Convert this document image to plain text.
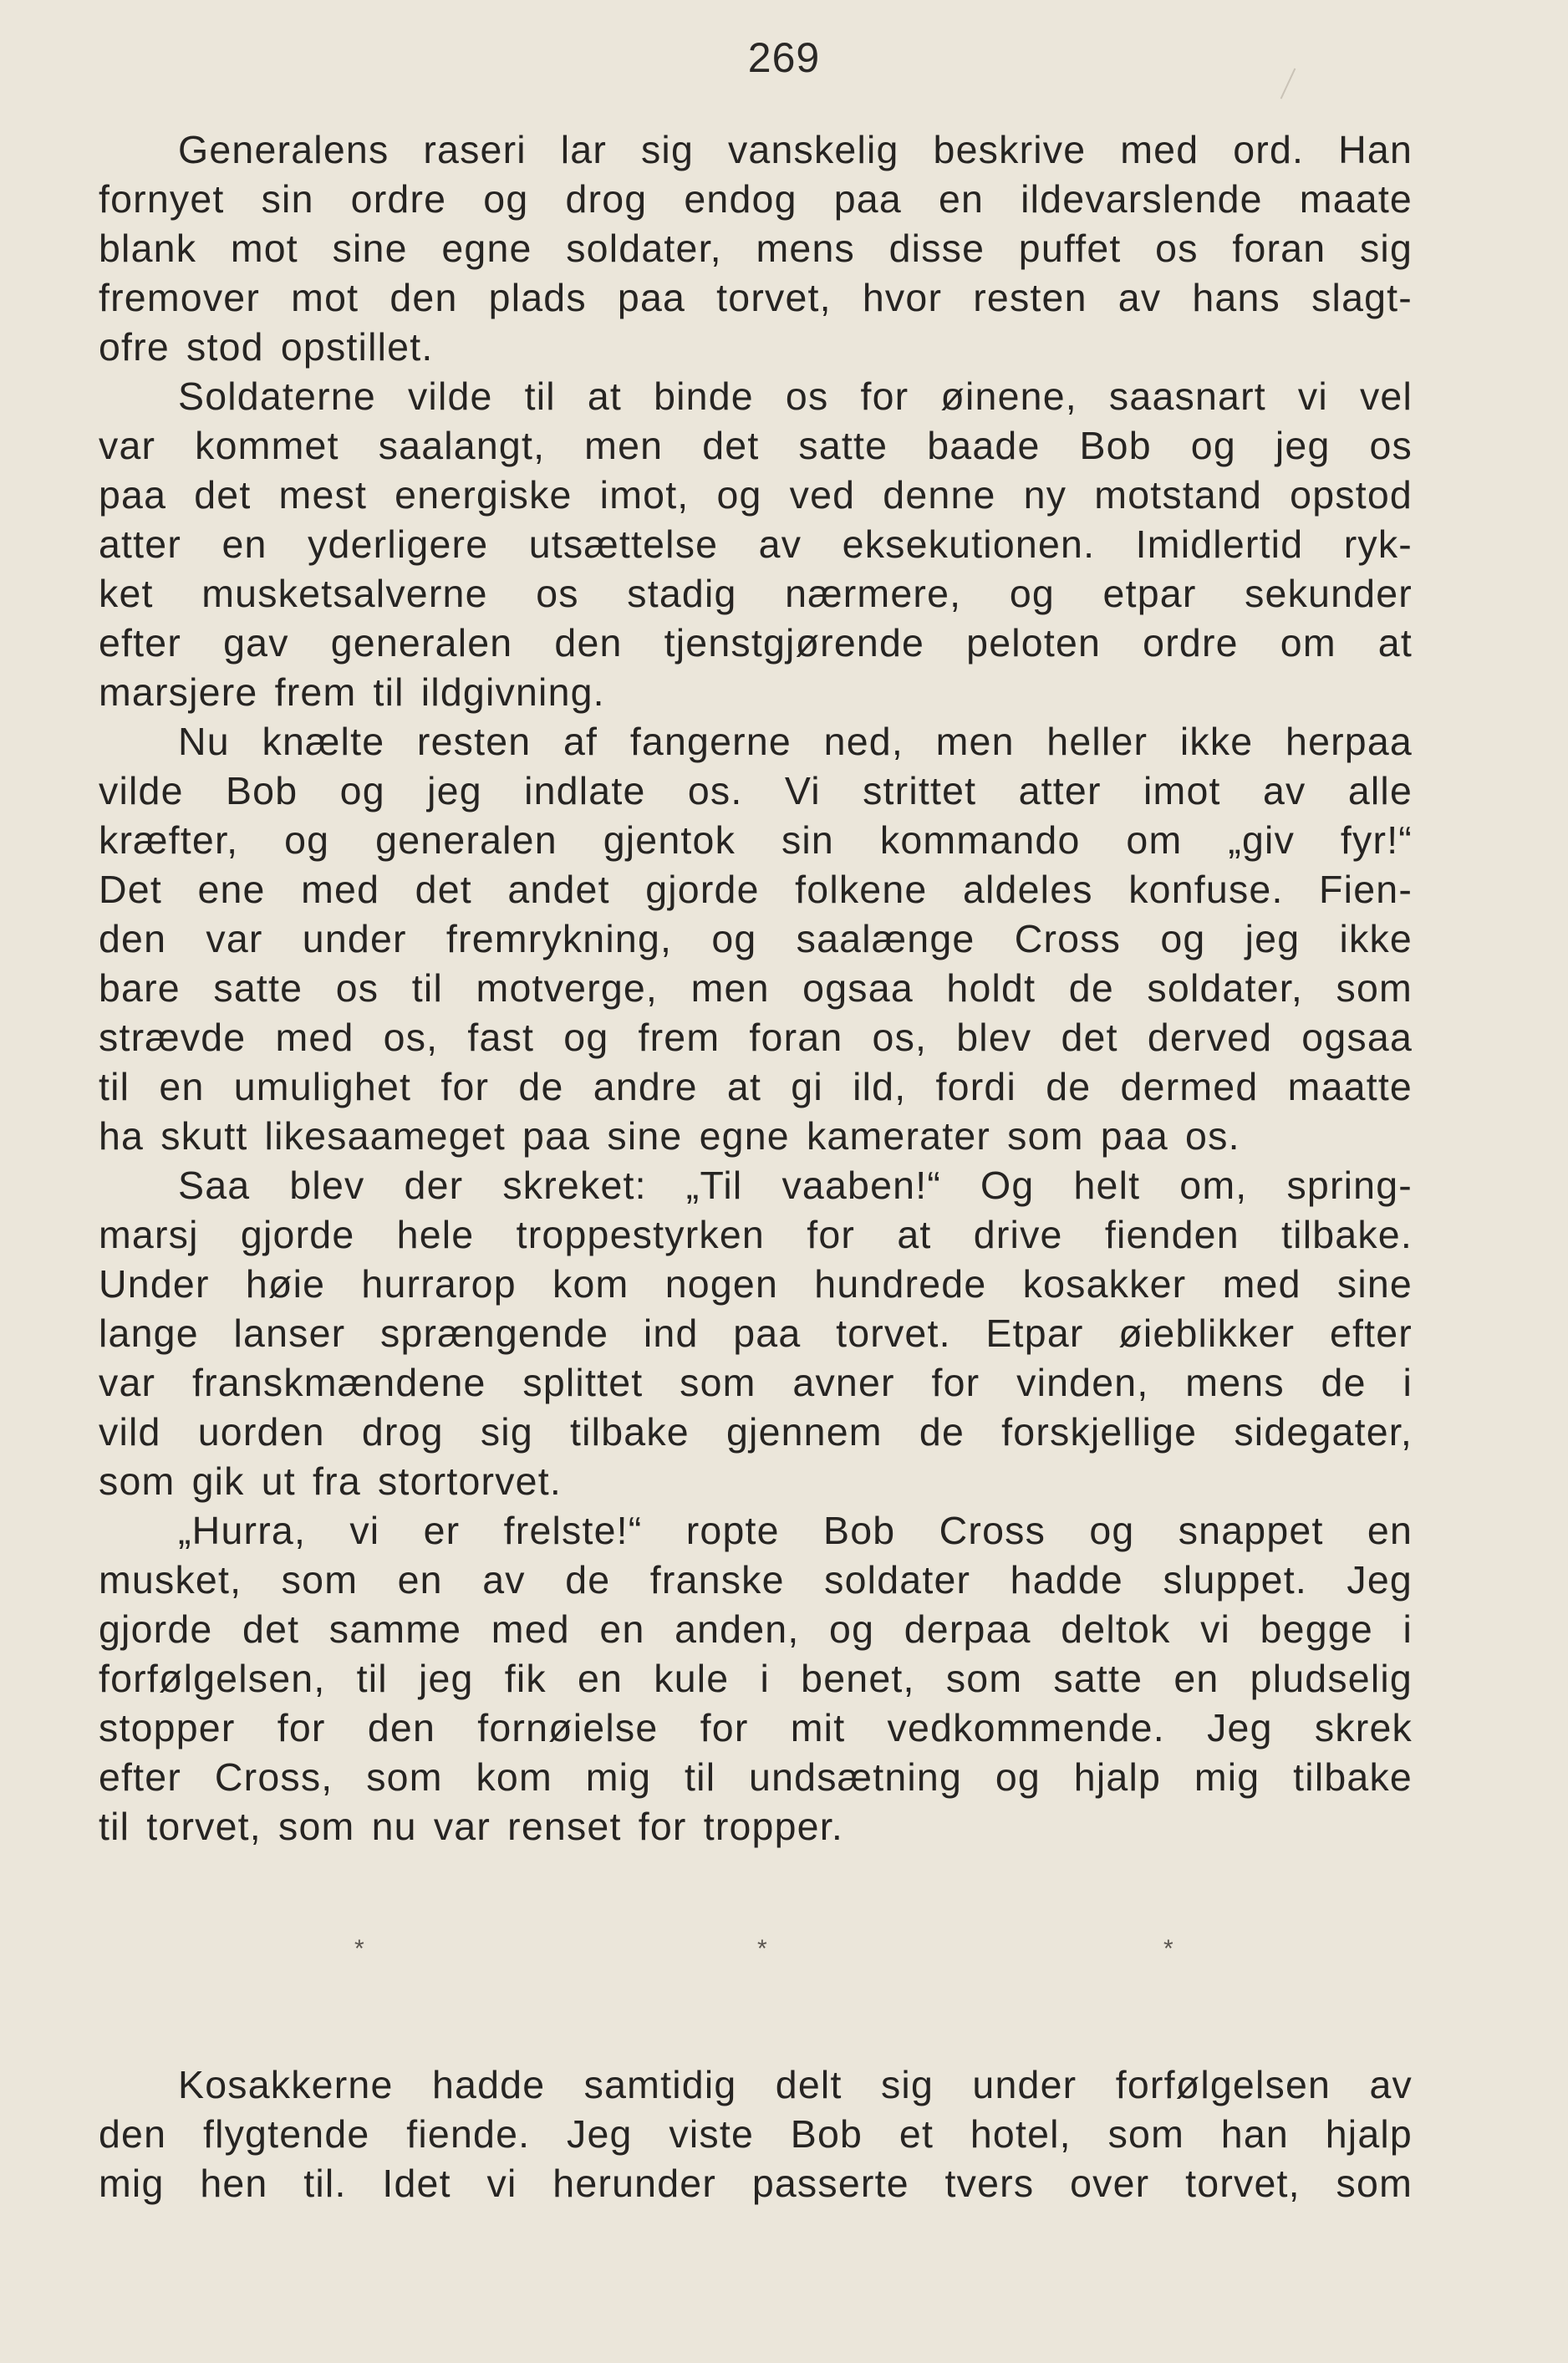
269
Generalens raseri lar sig vanskelig beskrive med ord. Han
fornyet sin ordre og drog endog paa en ildevarslende maate
blank mot sine egne soldater, mens disse puffet os foran sig
fremover mot den plads paa torvet, hvor resten av hans slagt-
ofre stod opstillet.
Soldaterne vilde til at binde os for øinene, saasnart vi vel
var kommet saalangt, men det satte baade Bob og jeg os
paa det mest energiske imot, og ved denne ny motstand opstod
atter en yderligere utsættelse av eksekutionen. Imidlertid ryk-
ket musketsalverne os stadig nærmere, og etpar sekunder
efter gav generalen den tjenstgjørende peloten ordre om at
marsjere frem til ildgivning.
Nu knælte resten af fangerne ned, men heller ikke herpaa
vilde Bob og jeg indlate os. Vi strittet atter imot av alle
kræfter, og generalen gjentok sin kommando om „giv fyr!“
Det ene med det andet gjorde folkene aldeles konfuse. Fien-
den var under fremrykning, og saalænge Cross og jeg ikke
bare satte os til motverge, men ogsaa holdt de soldater, som
strævde med os, fast og frem foran os, blev det derved ogsaa
til en umulighet for de andre at gi ild, fordi de dermed maatte
ha skutt likesaameget paa sine egne kamerater som paa os.
Saa blev der skreket: „Til vaaben!“ Og helt om, spring-
marsj gjorde hele troppestyrken for at drive fienden tilbake.
Under høie hurrarop kom nogen hundrede kosakker med sine
lange lanser sprængende ind paa torvet. Etpar øieblikker efter
var franskmændene splittet som avner for vinden, mens de i
vild uorden drog sig tilbake gjennem de forskjellige sidegater,
som gik ut fra stortorvet.
„Hurra, vi er frelste!“ ropte Bob Cross og snappet en
musket, som en av de franske soldater hadde sluppet. Jeg
gjorde det samme med en anden, og derpaa deltok vi begge i
forfølgelsen, til jeg fik en kule i benet, som satte en pludselig
stopper for den fornøielse for mit vedkommende. Jeg skrek
efter Cross, som kom mig til undsætning og hjalp mig tilbake
til torvet, som nu var renset for tropper.
*	*	*
Kosakkerne hadde samtidig delt sig under forfølgelsen av
den flygtende fiende. Jeg viste Bob et hotel, som han hjalp
mig hen til. Idet vi herunder passerte tvers over torvet, som
